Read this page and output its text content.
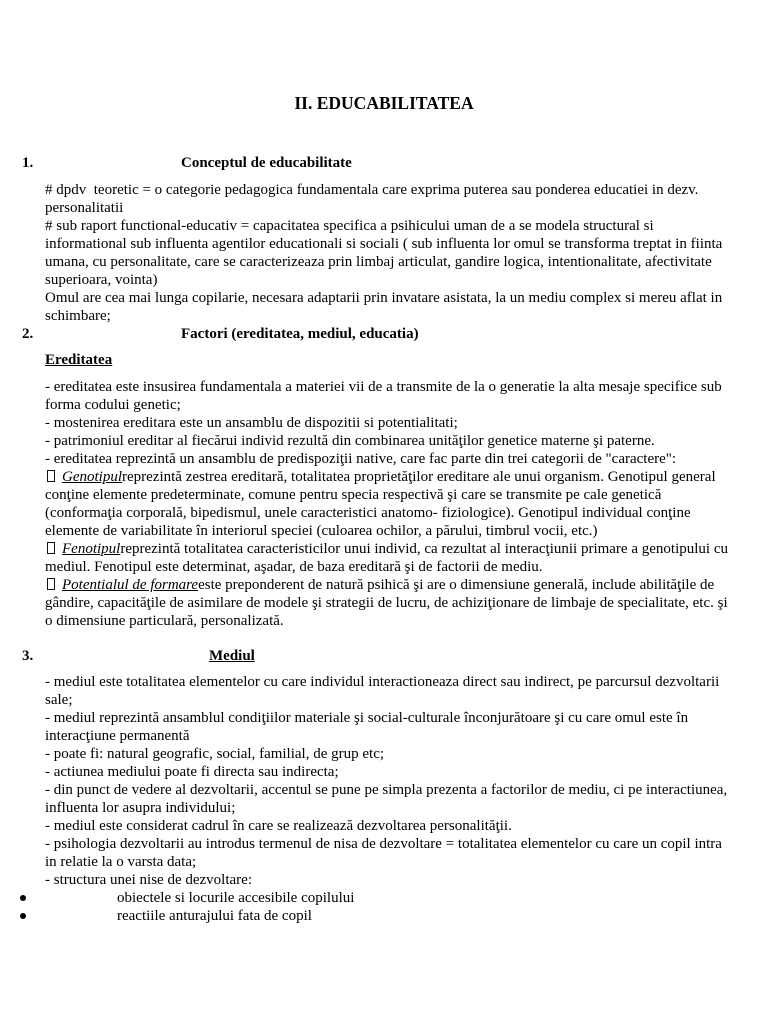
II. EDUCABILITATEA
1.	Conceptul de educabilitate
# dpdv  teoretic = o categorie pedagogica fundamentala care exprima puterea sau ponderea educatiei in dezv.
personalitatii
# sub raport functional-educativ = capacitatea specifica a psihicului uman de a se modela structural si
informational sub influenta agentilor educationali si sociali ( sub influenta lor omul se transforma treptat in fiinta
umana, cu personalitate, care se caracterizeaza prin limbaj articulat, gandire logica, intentionalitate, afectivitate
superioara, vointa)
Omul are cea mai lunga copilarie, necesara adaptarii prin invatare asistata, la un mediu complex si mereu aflat in
schimbare;
2.	Factori (ereditatea, mediul, educatia)
Ereditatea
- ereditatea este insusirea fundamentala a materiei vii de a transmite de la o generatie la alta mesaje specifice sub
forma codului genetic;
- mostenirea ereditara este un ansamblu de dispozitii si potentialitati;
- patrimoniul ereditar al fiecărui individ rezultă din combinarea unităţilor genetice materne şi paterne.
- ereditatea reprezintă un ansamblu de predispoziţii native, care fac parte din trei categorii de "caractere":
Genotipulreprezintă zestrea ereditară, totalitatea proprietăţilor ereditare ale unui organism. Genotipul general
conţine elemente predeterminate, comune pentru specia respectivă şi care se transmite pe cale genetică
(conformaţia corporală, bipedismul, unele caracteristici anatomo- fiziologice). Genotipul individual conţine
elemente de variabilitate în interiorul speciei (culoarea ochilor, a părului, timbrul vocii, etc.)
Fenotipulreprezintă totalitatea caracteristicilor unui individ, ca rezultat al interacţiunii primare a genotipului cu
mediul. Fenotipul este determinat, aşadar, de baza ereditară şi de factorii de mediu.
Potentialul de formareeste preponderent de natură psihică şi are o dimensiune generală, include abilităţile de
gândire, capacităţile de asimilare de modele şi strategii de lucru, de achiziţionare de limbaje de specialitate, etc. şi
o dimensiune particulară, personalizată.
3.	Mediul
- mediul este totalitatea elementelor cu care individul interactioneaza direct sau indirect, pe parcursul dezvoltarii
sale;
- mediul reprezintă ansamblul condiţiilor materiale şi social-culturale înconjurătoare şi cu care omul este în
interacţiune permanentă
- poate fi: natural geografic, social, familial, de grup etc;
- actiunea mediului poate fi directa sau indirecta;
- din punct de vedere al dezvoltarii, accentul se pune pe simpla prezenta a factorilor de mediu, ci pe interactiunea,
influenta lor asupra individului;
- mediul este considerat cadrul în care se realizează dezvoltarea personalităţii.
- psihologia dezvoltarii au introdus termenul de nisa de dezvoltare = totalitatea elementelor cu care un copil intra
in relatie la o varsta data;
- structura unei nise de dezvoltare:
obiectele si locurile accesibile copilului
reactiile anturajului fata de copil
